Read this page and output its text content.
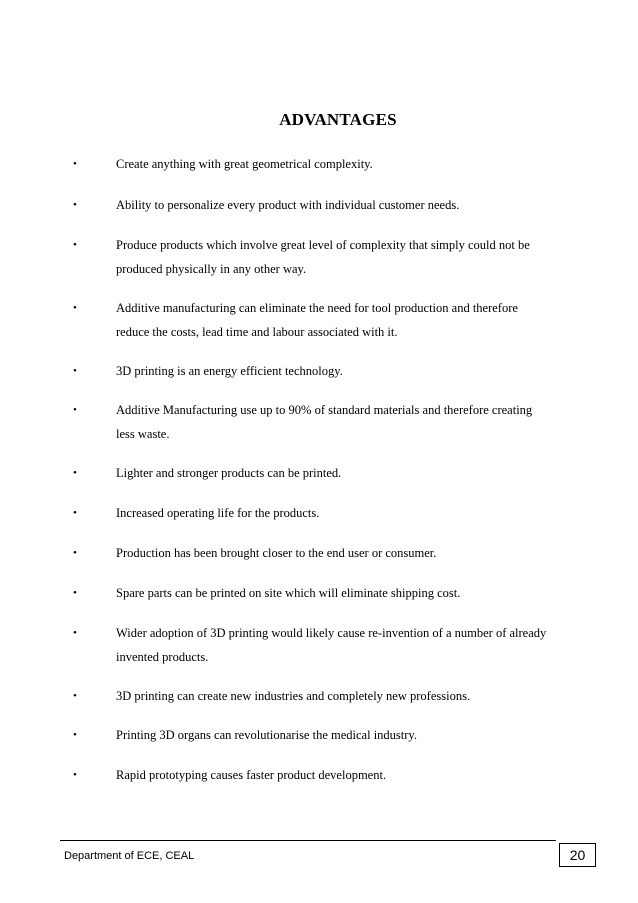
ADVANTAGES
•	Create anything with great geometrical complexity.
•	Ability to personalize every product with individual customer needs.
•	Produce products which involve great level of complexity that simply could not be
produced physically in any other way.
•	Additive manufacturing can eliminate the need for tool production and therefore
reduce the costs, lead time and labour associated with it.
•	3D printing is an energy efficient technology.
•	Additive Manufacturing use up to 90% of standard materials and therefore creating
less waste.
•	Lighter and stronger products can be printed.
•	Increased operating life for the products.
•	Production has been brought closer to the end user or consumer.
•	Spare parts can be printed on site which will eliminate shipping cost.
•	Wider adoption of 3D printing would likely cause re-invention of a number of already
invented products.
•	3D printing can create new industries and completely new professions.
•	Printing 3D organs can revolutionarise the medical industry.
•	Rapid prototyping causes faster product development.
Department of ECE, CEAL	20
